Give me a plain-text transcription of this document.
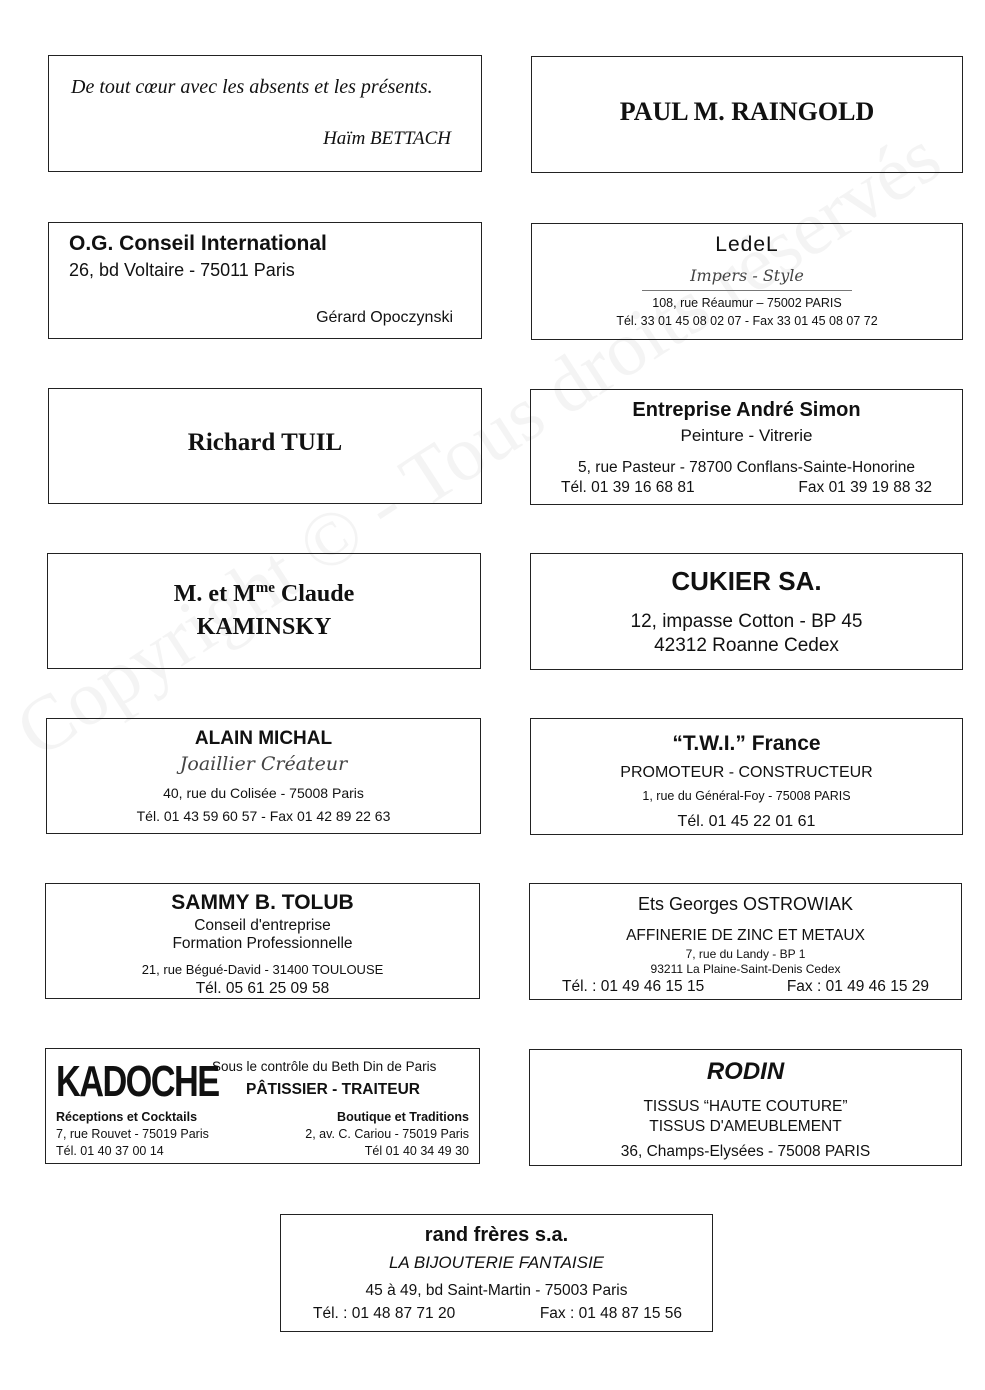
De tout cœur avec les absents et les présents.
Haïm BETTACH
PAUL M. RAINGOLD
O.G. Conseil International
26, bd Voltaire - 75011 Paris
Gérard Opoczynski
LedeL
Impers - Style
108, rue Réaumur – 75002 PARIS
Tél. 33 01 45 08 02 07 - Fax 33 01 45 08 07 72
Richard TUIL
Entreprise André Simon
Peinture - Vitrerie
5, rue Pasteur - 78700 Conflans-Sainte-Honorine
Tél. 01 39 16 68 81	Fax 01 39 19 88 32
M. et $M^{me}$ Claude
KAMINSKY
CUKIER SA.
12, impasse Cotton - BP 45
42312 Roanne Cedex
ALAIN MICHAL
Joaillier Créateur
40, rue du Colisée - 75008 Paris
Tél. 01 43 59 60 57 - Fax 01 42 89 22 63
“T.W.I.” France
PROMOTEUR - CONSTRUCTEUR
1, rue du Général-Foy - 75008 PARIS
Tél. 01 45 22 01 61
SAMMY B. TOLUB
Conseil d'entreprise
Formation Professionnelle
21, rue Bégué-David - 31400 TOULOUSE
Tél. 05 61 25 09 58
Ets Georges OSTROWIAK
AFFINERIE DE ZINC ET METAUX
7, rue du Landy - BP 1
93211 La Plaine-Saint-Denis Cedex
Tél. : 01 49 46 15 15	Fax : 01 49 46 15 29
KADOCHE
Sous le contrôle du Beth Din de Paris
PÂTISSIER - TRAITEUR
Réceptions et Cocktails
7, rue Rouvet - 75019 Paris
Tél. 01 40 37 00 14
Boutique et Traditions
2, av. C. Cariou - 75019 Paris
Tél 01 40 34 49 30
RODIN
TISSUS “HAUTE COUTURE”
TISSUS D'AMEUBLEMENT
36, Champs-Elysées - 75008 PARIS
rand frères s.a.
LA BIJOUTERIE FANTAISIE
45 à 49, bd Saint-Martin - 75003 Paris
Tél. : 01 48 87 71 20	Fax : 01 48 87 15 56
